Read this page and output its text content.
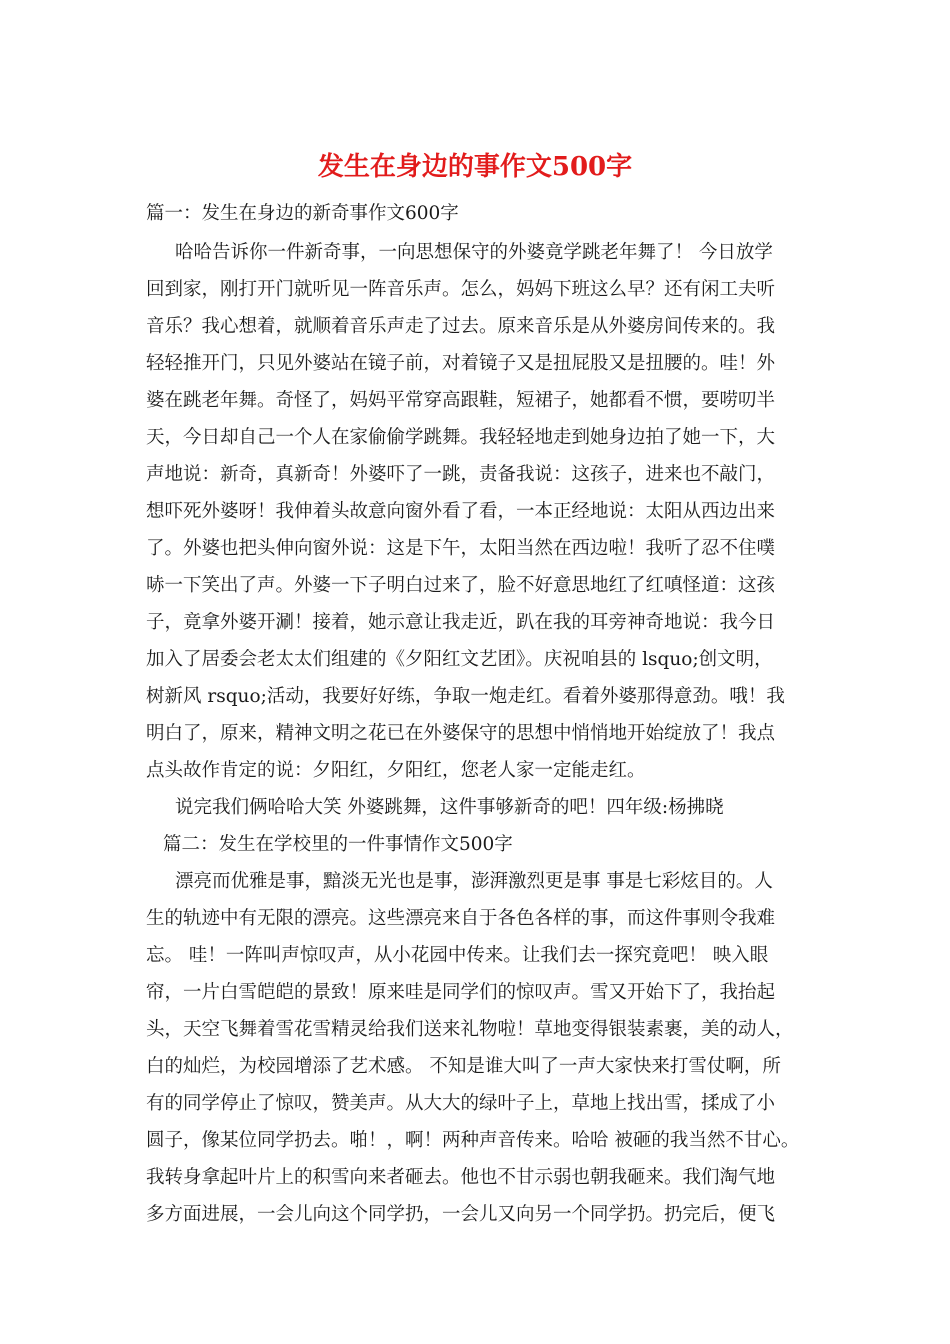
发生在身边的事作文500字

篇一：发生在身边的新奇事作文600字

哈哈告诉你一件新奇事，一向思想保守的外婆竟学跳老年舞了！ 今日放学

回到家，刚打开门就听见一阵音乐声。怎么，妈妈下班这么早？还有闲工夫听

音乐？我心想着，就顺着音乐声走了过去。原来音乐是从外婆房间传来的。我

轻轻推开门，只见外婆站在镜子前，对着镜子又是扭屁股又是扭腰的。哇！外

婆在跳老年舞。奇怪了，妈妈平常穿高跟鞋，短裙子，她都看不惯，要唠叨半

天，今日却自己一个人在家偷偷学跳舞。我轻轻地走到她身边拍了她一下，大

声地说：新奇，真新奇！外婆吓了一跳，责备我说：这孩子，进来也不敲门，

想吓死外婆呀！我伸着头故意向窗外看了看，一本正经地说：太阳从西边出来

了。外婆也把头伸向窗外说：这是下午，太阳当然在西边啦！我听了忍不住噗

哧一下笑出了声。外婆一下子明白过来了，脸不好意思地红了红嗔怪道：这孩

子，竟拿外婆开涮！接着，她示意让我走近，趴在我的耳旁神奇地说：我今日

加入了居委会老太太们组建的《夕阳红文艺团》。庆祝咱县的 lsquo;创文明，

树新风 rsquo;活动，我要好好练，争取一炮走红。看着外婆那得意劲。哦！我

明白了，原来，精神文明之花已在外婆保守的思想中悄悄地开始绽放了！我点

点头故作肯定的说：夕阳红，夕阳红，您老人家一定能走红。

说完我们俩哈哈大笑 外婆跳舞，这件事够新奇的吧！四年级:杨拂晓

篇二：发生在学校里的一件事情作文500字

漂亮而优雅是事，黯淡无光也是事，澎湃激烈更是事 事是七彩炫目的。人

生的轨迹中有无限的漂亮。这些漂亮来自于各色各样的事，而这件事则令我难

忘。 哇！一阵叫声惊叹声，从小花园中传来。让我们去一探究竟吧！ 映入眼

帘，一片白雪皑皑的景致！原来哇是同学们的惊叹声。雪又开始下了，我抬起

头，天空飞舞着雪花雪精灵给我们送来礼物啦！草地变得银装素裹，美的动人，

白的灿烂，为校园增添了艺术感。 不知是谁大叫了一声大家快来打雪仗啊，所

有的同学停止了惊叹，赞美声。从大大的绿叶子上，草地上找出雪，揉成了小

圆子，像某位同学扔去。啪！，啊！两种声音传来。哈哈 被砸的我当然不甘心。

我转身拿起叶片上的积雪向来者砸去。他也不甘示弱也朝我砸来。我们淘气地

多方面进展，一会儿向这个同学扔，一会儿又向另一个同学扔。扔完后，便飞
